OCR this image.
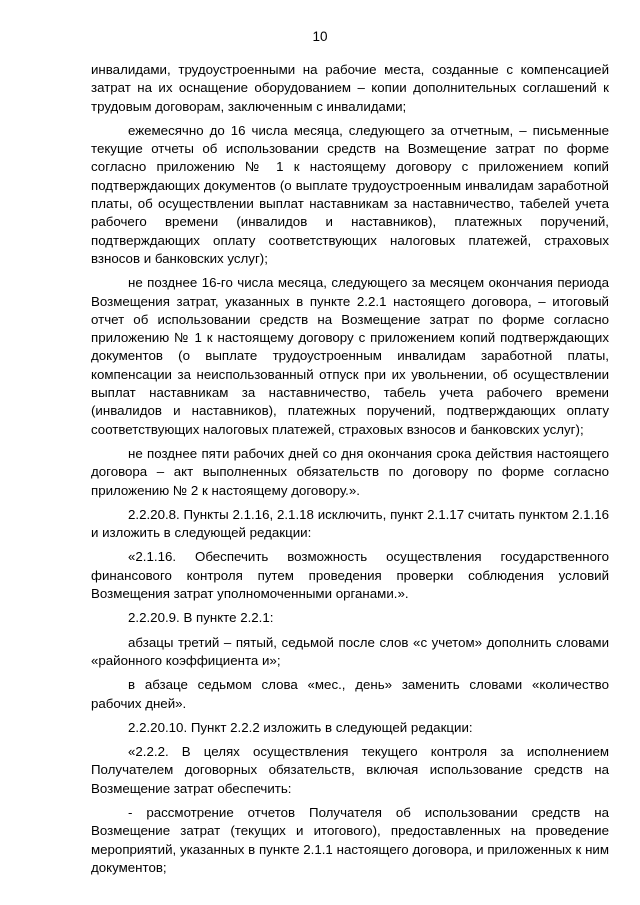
10

инвалидами, трудоустроенными на рабочие места, созданные с компенсацией затрат на их оснащение оборудованием – копии дополнительных соглашений к трудовым договорам, заключенным с инвалидами;

ежемесячно до 16 числа месяца, следующего за отчетным, – письменные текущие отчеты об использовании средств на Возмещение затрат по форме согласно приложению № 1 к настоящему договору с приложением копий подтверждающих документов (о выплате трудоустроенным инвалидам заработной платы, об осуществлении выплат наставникам за наставничество, табелей учета рабочего времени (инвалидов и наставников), платежных поручений, подтверждающих оплату соответствующих налоговых платежей, страховых взносов и банковских услуг);

не позднее 16-го числа месяца, следующего за месяцем окончания периода Возмещения затрат, указанных в пункте 2.2.1 настоящего договора, – итоговый отчет об использовании средств на Возмещение затрат по форме согласно приложению № 1 к настоящему договору с приложением копий подтверждающих документов (о выплате трудоустроенным инвалидам заработной платы, компенсации за неиспользованный отпуск при их увольнении, об осуществлении выплат наставникам за наставничество, табель учета рабочего времени (инвалидов и наставников), платежных поручений, подтверждающих оплату соответствующих налоговых платежей, страховых взносов и банковских услуг);

не позднее пяти рабочих дней со дня окончания срока действия настоящего договора – акт выполненных обязательств по договору по форме согласно приложению № 2 к настоящему договору.».

2.2.20.8. Пункты 2.1.16, 2.1.18 исключить, пункт 2.1.17 считать пунктом 2.1.16 и изложить в следующей редакции:

«2.1.16. Обеспечить возможность осуществления государственного финансового контроля путем проведения проверки соблюдения условий Возмещения затрат уполномоченными органами.».

2.2.20.9. В пункте 2.2.1:

абзацы третий – пятый, седьмой после слов «с учетом» дополнить словами «районного коэффициента и»;

в абзаце седьмом слова «мес., день» заменить словами «количество рабочих дней».

2.2.20.10. Пункт 2.2.2 изложить в следующей редакции:

«2.2.2. В целях осуществления текущего контроля за исполнением Получателем договорных обязательств, включая использование средств на Возмещение затрат обеспечить:

- рассмотрение отчетов Получателя об использовании средств на Возмещение затрат (текущих и итогового), предоставленных на проведение мероприятий, указанных в пункте 2.1.1 настоящего договора, и приложенных к ним документов;
